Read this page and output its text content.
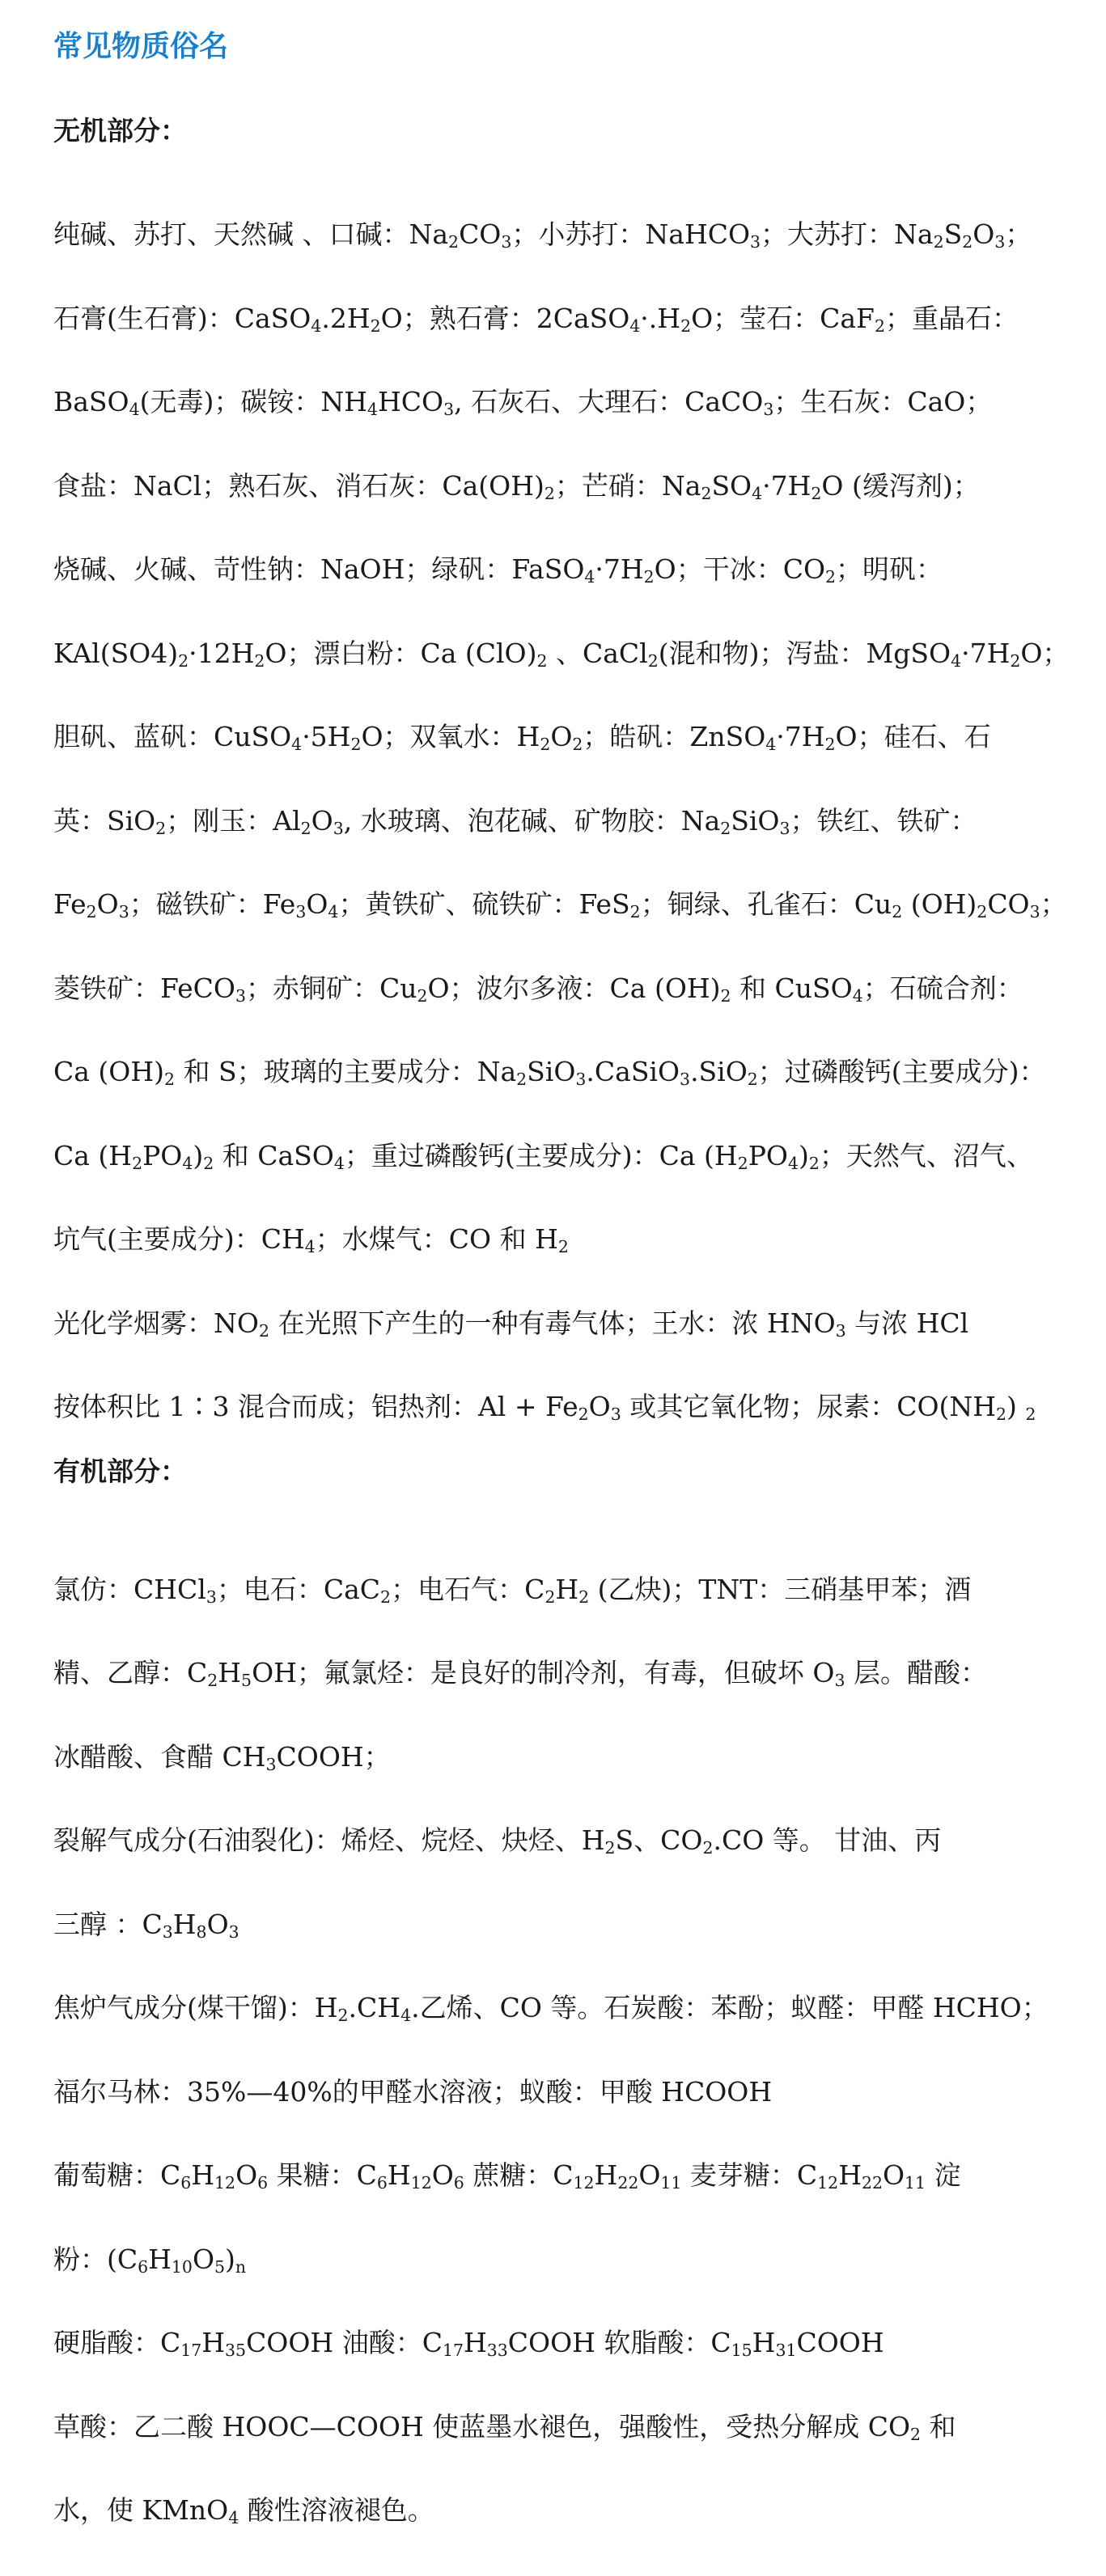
常见物质俗名
无机部分：
纯碱、苏打、天然碱 、口碱：$Na_2CO_3$；小苏打：NaHCO$_3$；大苏打：$Na_2S_2O_3$；
石膏(生石膏)：$CaSO_4.2H_2O$；熟石膏：$2CaSO_4\cdot.H_2O$；莹石：CaF$_2$；重晶石：
BaSO$_4$(无毒)；碳铵：$NH_4HCO_3$, 石灰石、大理石：CaCO$_3$；生石灰：CaO；
食盐：NaCl；熟石灰、消石灰：$Ca(OH)_2$；芒硝：$Na_2SO_4\cdot 7H_2O$ (缓泻剂)；
烧碱、火碱、苛性钠：NaOH；绿矾：$FaSO_4\cdot 7H_2O$；干冰：$CO_2$；明矾：
$KAl(SO4)_2\cdot 12H_2O$；漂白粉：Ca $(ClO)_2$ 、CaCl$_2$(混和物)；泻盐：$MgSO_4\cdot 7H_2O$；
胆矾、蓝矾：$CuSO_4\cdot 5H_2O$；双氧水：$H_2O_2$；皓矾：$ZnSO_4\cdot 7H_2O$；硅石、石
英：SiO$_2$；刚玉：$Al_2O_3$, 水玻璃、泡花碱、矿物胶：$Na_2SiO_3$；铁红、铁矿：
$Fe_2O_3$；磁铁矿：$Fe_3O_4$；黄铁矿、硫铁矿：FeS$_2$；铜绿、孔雀石：$Cu_2$ $(OH)_2CO_3$；
菱铁矿：FeCO$_3$；赤铜矿：$Cu_2O$；波尔多液：Ca $(OH)_2$ 和 CuSO$_4$；石硫合剂：
Ca $(OH)_2$ 和 S；玻璃的主要成分：$Na_2SiO_3.CaSiO_3.SiO_2$；过磷酸钙(主要成分)：
Ca $(H_2PO_4)_2$ 和 CaSO$_4$；重过磷酸钙(主要成分)：Ca $(H_2PO_4)_2$；天然气、沼气、
坑气(主要成分)：$CH_4$；水煤气：CO 和 $H_2$
光化学烟雾：$NO_2$ 在光照下产生的一种有毒气体；王水：浓 $HNO_3$ 与浓 HCl
按体积比 1∶3 混合而成；铝热剂：$Al + Fe_2O_3$ 或其它氧化物；尿素：$CO(NH_2)$ $_2$
有机部分：
氯仿：CHCl$_3$；电石：CaC$_2$；电石气：$C_2H_2$ (乙炔)；TNT：三硝基甲苯；酒
精、乙醇：$C_2H_5OH$；氟氯烃：是良好的制冷剂，有毒，但破坏 $O_3$ 层。醋酸：
冰醋酸、食醋 $CH_3COOH$；
裂解气成分(石油裂化)：烯烃、烷烃、炔烃、$H_2S$、$CO_2.CO$ 等。 甘油、丙
三醇 ：$C_3H_8O_3$
焦炉气成分(煤干馏)：$H_2.CH_4$.乙烯、CO 等。石炭酸：苯酚；蚁醛：甲醛 HCHO；
福尔马林：35%—40%的甲醛水溶液；蚁酸：甲酸 HCOOH
葡萄糖：$C_6H_{12}O_6$ 果糖：$C_6H_{12}O_6$ 蔗糖：$C_{12}H_{22}O_{11}$ 麦芽糖：$C_{12}H_{22}O_{11}$ 淀
粉：$(C_6H_{10}O_5)_n$
硬脂酸：$C_{17}H_{35}COOH$ 油酸：$C_{17}H_{33}COOH$ 软脂酸：$C_{15}H_{31}COOH$
草酸：乙二酸 HOOC—COOH 使蓝墨水褪色，强酸性，受热分解成 $CO_2$ 和
水，使 KMnO$_4$ 酸性溶液褪色。
